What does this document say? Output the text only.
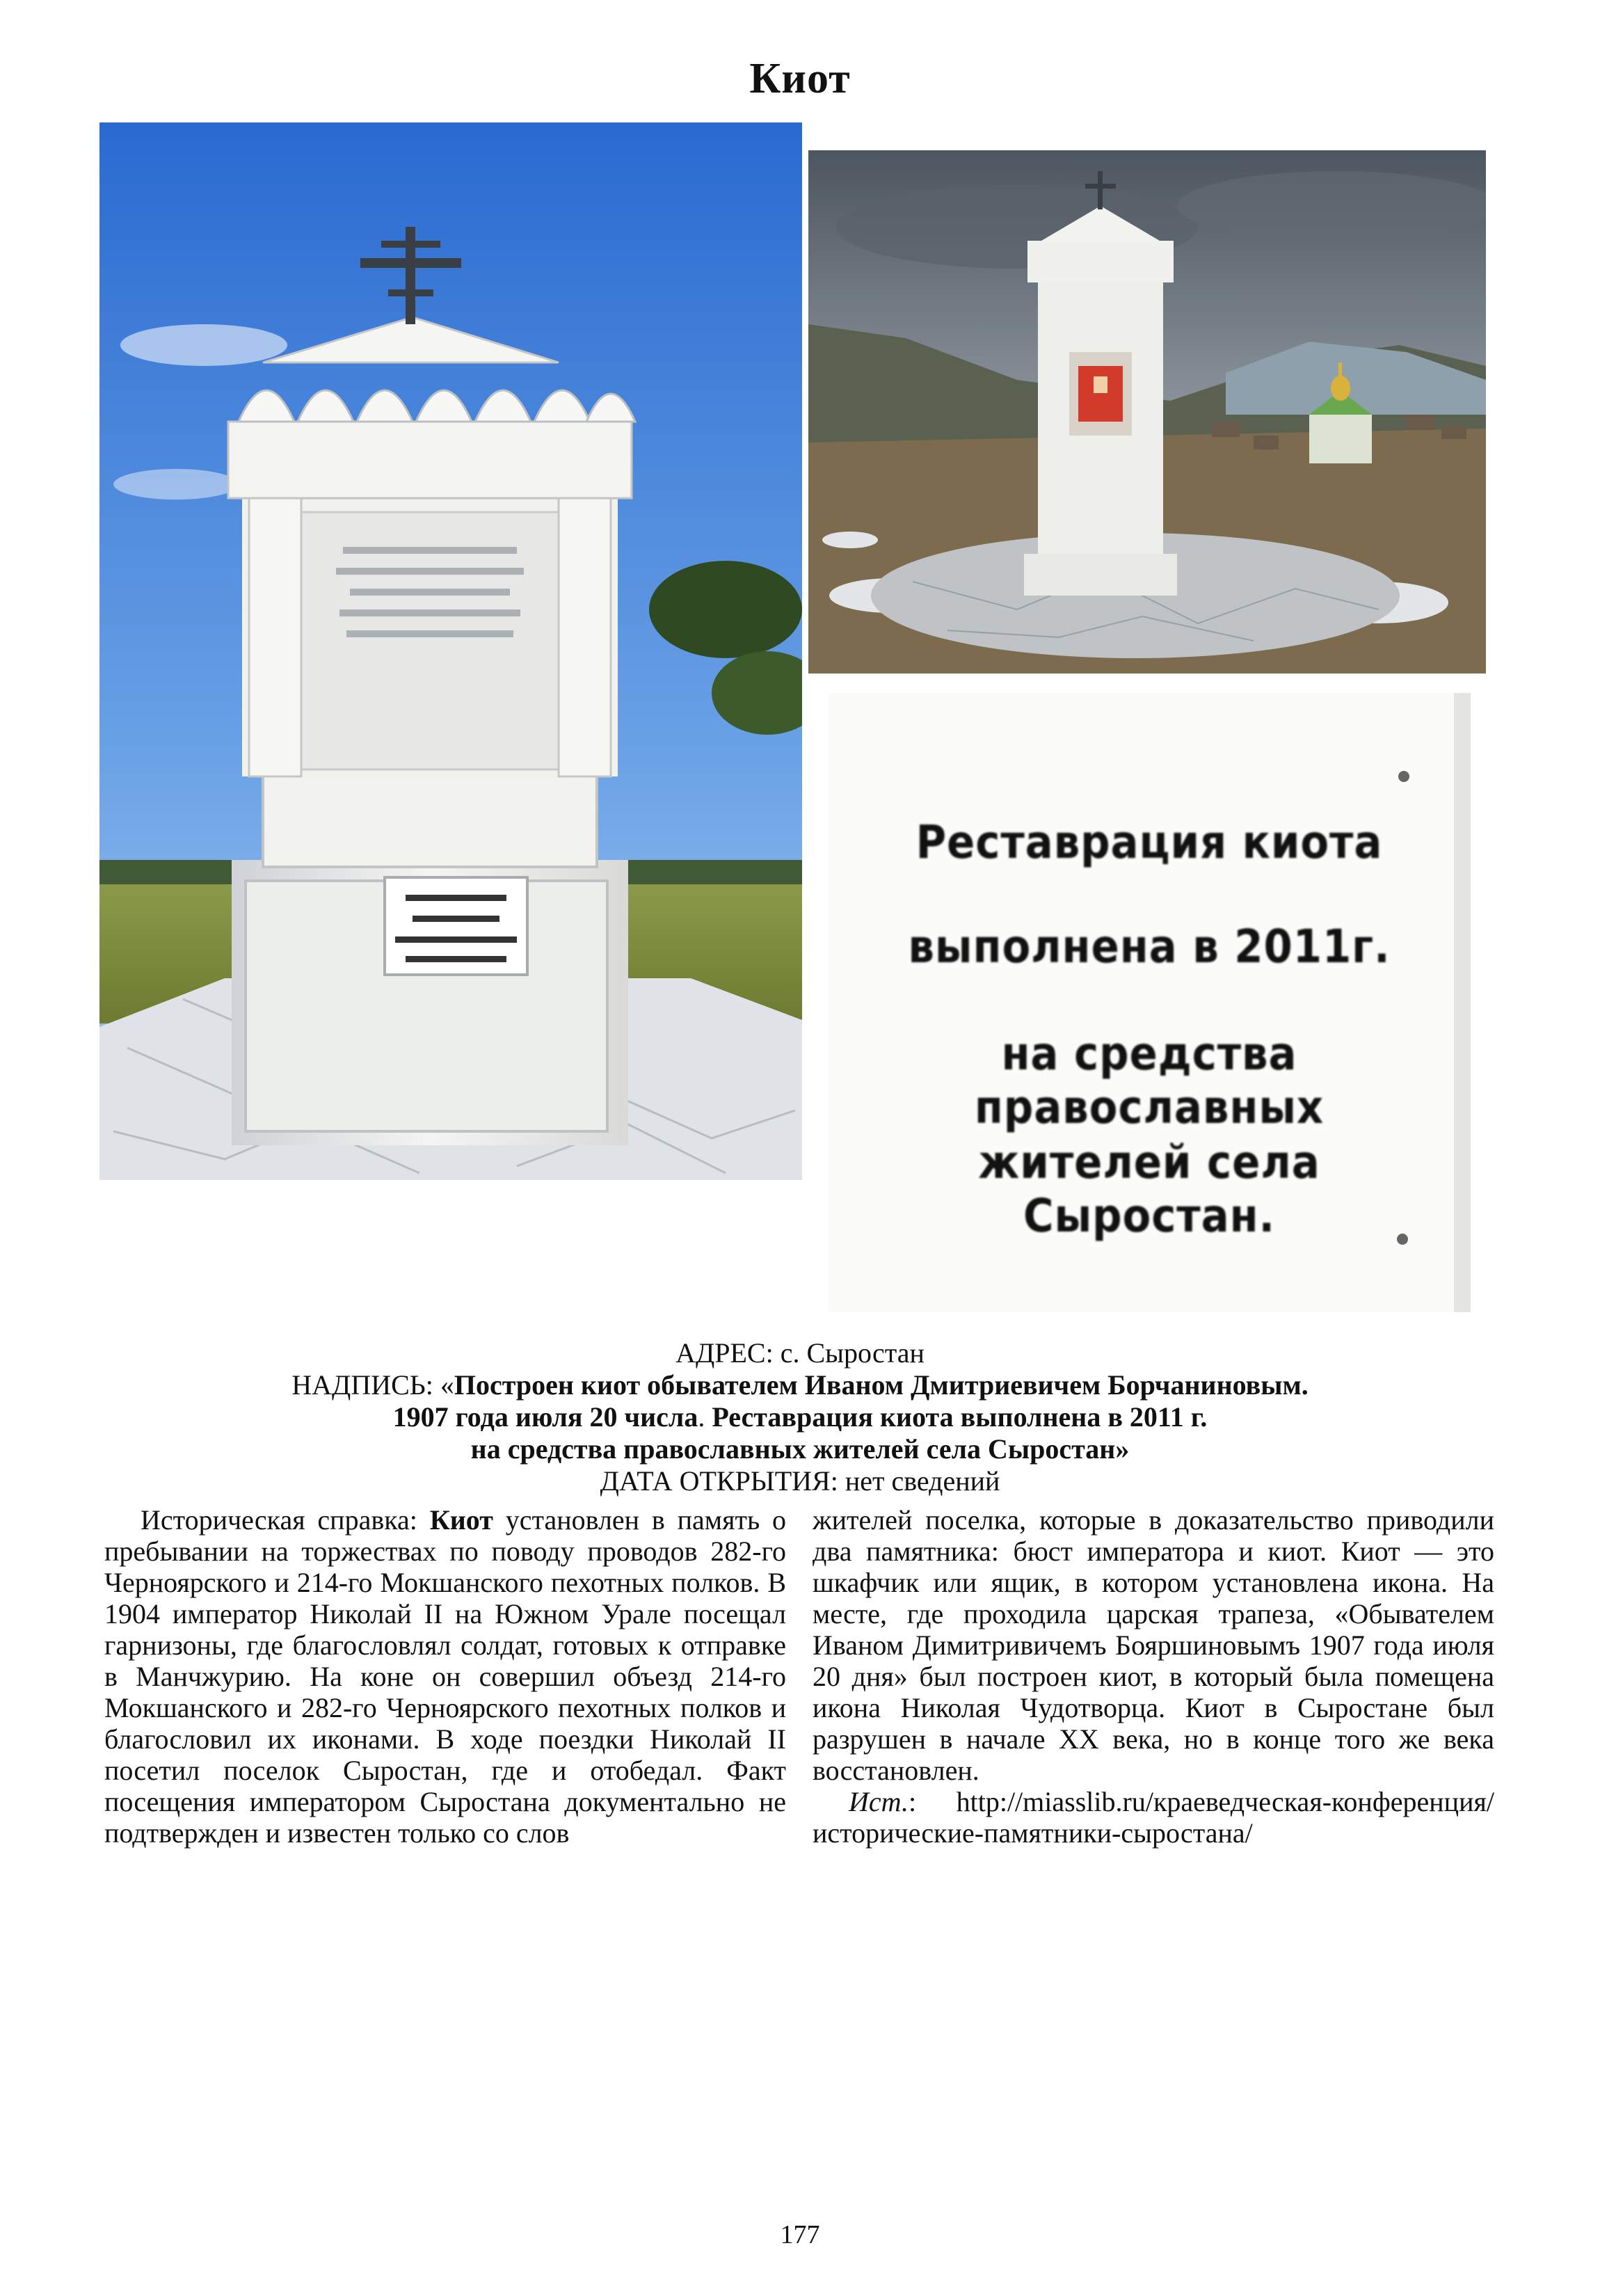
Киот
Реставрация киота
выполнена в 2011г.
на средства православных
жителей села Сыростан.
АДРЕС: с. Сыростан
НАДПИСЬ: «Построен киот обывателем Иваном Дмитриевичем Борчаниновым.
1907 года июля 20 числа. Реставрация киота выполнена в 2011 г.
на средства православных жителей села Сыростан»
ДАТА ОТКРЫТИЯ: нет сведений

Историческая справка: Киот установлен в память о пребывании на торжествах по поводу проводов 282-го Черноярского и 214-го Мокшанского пехотных полков. В 1904 император Николай II на Южном Урале посещал гарнизоны, где благословлял солдат, готовых к отправке в Манчжурию. На коне он совершил объезд 214-го Мокшанского и 282-го Черноярского пехотных полков и благословил их иконами. В ходе поездки Николай II посетил поселок Сыростан, где и отобедал. Факт посещения императором Сыростана документально не подтвержден и известен только со слов

жителей поселка, которые в доказательство приводили два памятника: бюст императора и киот. Киот — это шкафчик или ящик, в котором установлена икона. На месте, где проходила царская трапеза, «Обывателем Иваном Димитривичемъ Бояршиновымъ 1907 года июля 20 дня» был построен киот, в который была помещена икона Николая Чудотворца. Киот в Сыростане был разрушен в начале XX века, но в конце того же века восстановлен.

Ист.: http://miasslib.ru/краеведческая-конференция/исторические-памятники-сыростана/

177
